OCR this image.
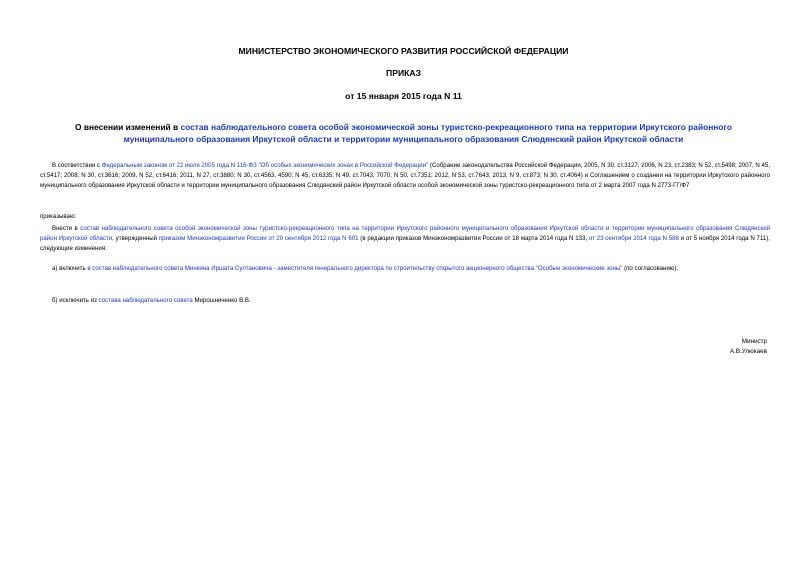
МИНИСТЕРСТВО ЭКОНОМИЧЕСКОГО РАЗВИТИЯ РОССИЙСКОЙ ФЕДЕРАЦИИ
ПРИКАЗ
от 15 января 2015 года N 11
О внесении изменений в состав наблюдательного совета особой экономической зоны туристско-рекреационного типа на территории Иркутского районного муниципального образования Иркутской области и территории муниципального образования Слюдянский район Иркутской области
В соответствии с Федеральным законом от 22 июля 2005 года N 116-ФЗ "Об особых экономических зонах в Российской Федерации" (Собрание законодательства Российской Федерации, 2005, N 30, ст.3127; 2006, N 23, ст.2383; N 52, ст.5498; 2007, N 45, ст.5417; 2008, N 30, ст.3616; 2009, N 52, ст.6416; 2011, N 27, ст.3880; N 30, ст.4563, 4590; N 45, ст.6335; N 49, ст.7043, 7070; N 50, ст.7351; 2012, N 53, ст.7643; 2013, N 9, ст.873; N 30, ст.4064) и Соглашением о создании на территории Иркутского районного муниципального образования Иркутской области и территории муниципального образования Слюдянский район Иркутской области особой экономической зоны туристско-рекреационного типа от 2 марта 2007 года N 2773-ГГ/Ф7
приказываю:
Внести в состав наблюдательного совета особой экономической зоны туристско-рекреационного типа на территории Иркутского районного муниципального образования Иркутской области и территории муниципального образования Слюдянский район Иркутской области, утвержденный приказом Минэкономразвития России от 20 сентября 2012 года N 601 (в редакции приказов Минэкономразвития России от 18 марта 2014 года N 133, от 23 сентября 2014 года N 588 и от 5 ноября 2014 года N 711), следующие изменения:
а) включить в состав наблюдательного совета Минкина Иршата Султановича - заместителя генерального директора по строительству открытого акционерного общества "Особые экономические зоны" (по согласованию);
б) исключить из состава наблюдательного совета Мирошниченко В.В.
Министр
А.В.Улюкаев
